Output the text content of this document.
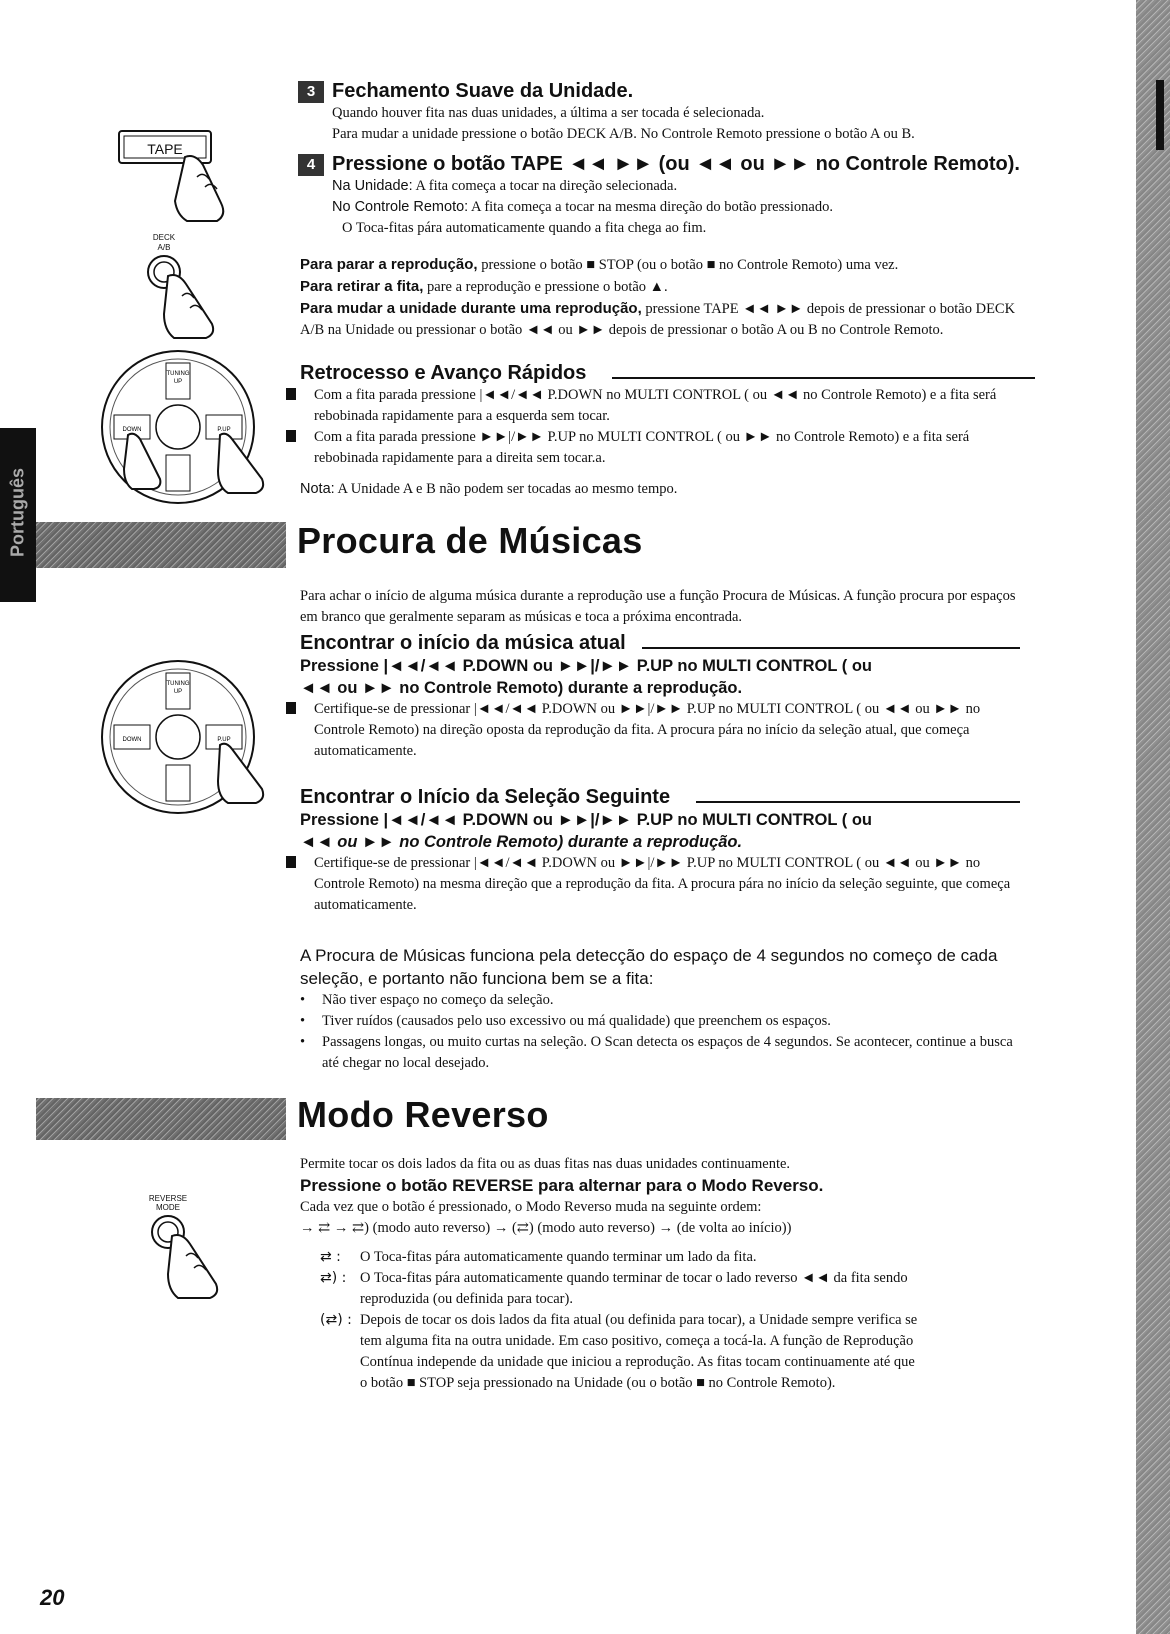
Português
TAPE
DECK
A/B
TUNING
UP
DOWN	P.UP
TUNING
UP
DOWN	P.UP
REVERSE
MODE
3 Fechamento Suave da Unidade.
Quando houver fita nas duas unidades, a última a ser tocada é selecionada.
Para mudar a unidade pressione o botão DECK A/B. No Controle Remoto pressione o botão A ou B.
4 Pressione o botão TAPE ◄◄ ►► (ou ◄◄ ou ►► no Controle Remoto).
Na Unidade: A fita começa a tocar na direção selecionada.
No Controle Remoto: A fita começa a tocar na mesma direção do botão pressionado.
O Toca-fitas pára automaticamente quando a fita chega ao fim.
Para parar a reprodução, pressione o botão ■ STOP (ou o botão ■ no Controle Remoto) uma vez.
Para retirar a fita, pare a reprodução e pressione o botão ▲.
Para mudar a unidade durante uma reprodução, pressione TAPE ◄◄ ►► depois de pressionar o botão DECK A/B na Unidade ou pressionar o botão ◄◄ ou ►► depois de pressionar o botão A ou B no Controle Remoto.
Retrocesso e Avanço Rápidos
Com a fita parada pressione |◄◄/◄◄ P.DOWN no MULTI CONTROL ( ou ◄◄ no Controle Remoto) e a fita será rebobinada rapidamente para a esquerda sem tocar.
Com a fita parada pressione ►►|/►► P.UP no MULTI CONTROL ( ou ►► no Controle Remoto) e a fita será rebobinada rapidamente para a direita sem tocar.a.
Nota: A Unidade A e B não podem ser tocadas ao mesmo tempo.
Procura de Músicas
Para achar o início de alguma música durante a reprodução use a função Procura de Músicas. A função procura por espaços em branco que geralmente separam as músicas e toca a próxima encontrada.
Encontrar o início da música atual
Pressione |◄◄/◄◄ P.DOWN ou ►►|/►► P.UP no MULTI CONTROL ( ou
◄◄ ou ►► no Controle Remoto) durante a reprodução.
Certifique-se de pressionar |◄◄/◄◄ P.DOWN ou ►►|/►► P.UP no MULTI CONTROL ( ou ◄◄ ou ►► no Controle Remoto) na direção oposta da reprodução da fita. A procura pára no início da seleção atual, que começa automaticamente.
Encontrar o Início da Seleção Seguinte
Pressione |◄◄/◄◄ P.DOWN ou ►►|/►► P.UP no MULTI CONTROL ( ou
◄◄ ou ►► no Controle Remoto) durante a reprodução.
Certifique-se de pressionar |◄◄/◄◄ P.DOWN ou ►►|/►► P.UP no MULTI CONTROL ( ou ◄◄ ou ►► no Controle Remoto) na mesma direção que a reprodução da fita. A procura pára no início da seleção seguinte, que começa automaticamente.
A Procura de Músicas funciona pela detecção do espaço de 4 segundos no começo de cada seleção, e portanto não funciona bem se a fita:
•	Não tiver espaço no começo da seleção.
•	Tiver ruídos (causados pelo uso excessivo ou má qualidade) que preenchem os espaços.
•	Passagens longas, ou muito curtas na seleção. O Scan detecta os espaços de 4 segundos. Se acontecer, continue a busca até chegar no local desejado.
Modo Reverso
Permite tocar os dois lados da fita ou as duas fitas nas duas unidades continuamente.
Pressione o botão REVERSE para alternar para o Modo Reverso.
Cada vez que o botão é pressionado, o Modo Reverso muda na seguinte ordem:
→ ⇄ → ⇄) (modo auto reverso) → (⇄) (modo auto reverso) → (de volta ao início))
⇄ :	O Toca-fitas pára automaticamente quando terminar um lado da fita.
⇄) : O Toca-fitas pára automaticamente quando terminar de tocar o lado reverso ◄◄ da fita sendo reproduzida (ou definida para tocar).
(⇄) : Depois de tocar os dois lados da fita atual (ou definida para tocar), a Unidade sempre verifica se tem alguma fita na outra unidade. Em caso positivo, começa a tocá-la. A função de Reprodução Contínua independe da unidade que iniciou a reprodução. As fitas tocam continuamente até que o botão ■ STOP seja pressionado na Unidade (ou o botão ■ no Controle Remoto).
20
